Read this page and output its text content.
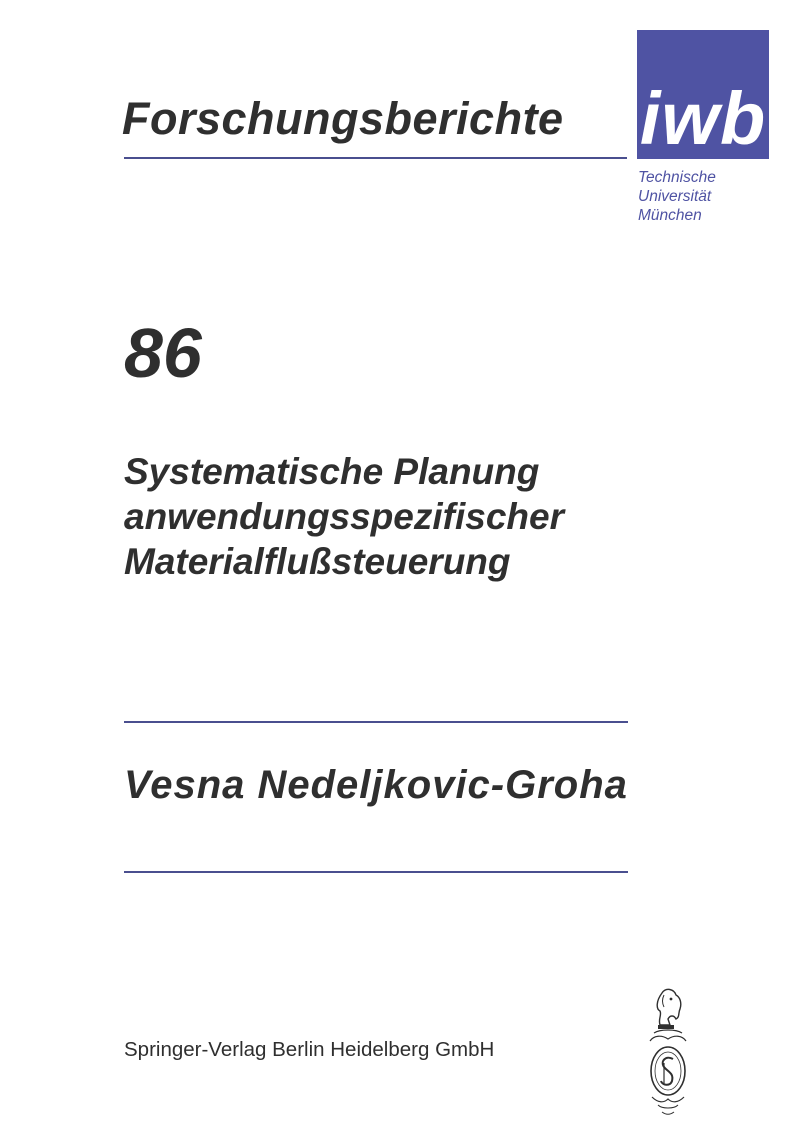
Forschungsberichte iwb
Technische
Universität
München
86
Systematische Planung
anwendungsspezifischer
Materialflußsteuerung
Vesna Nedeljkovic-Groha
Springer-Verlag Berlin Heidelberg GmbH
